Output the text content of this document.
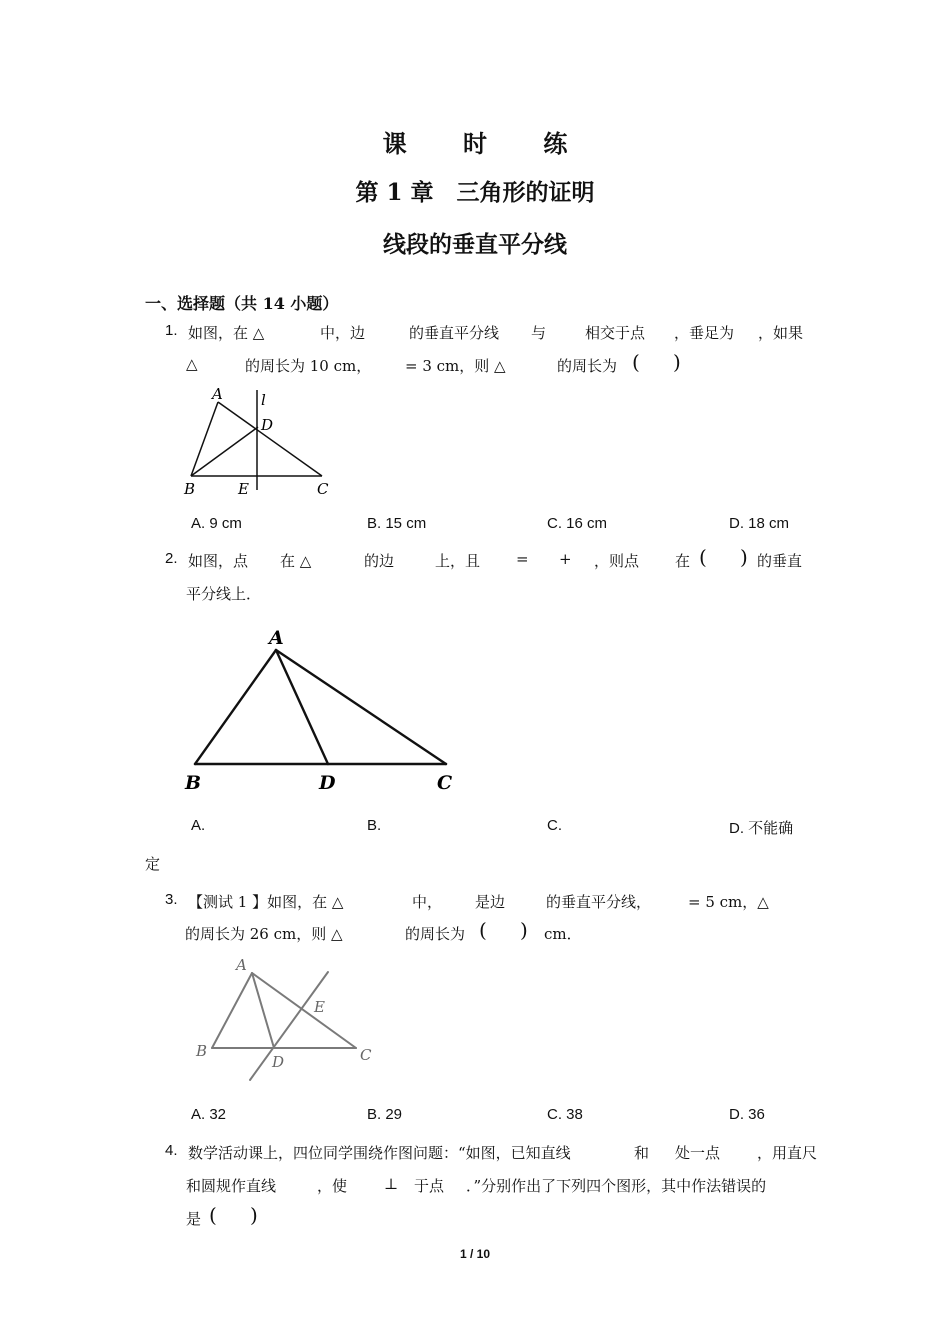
课 时 练
第 1 章　三角形的证明
线段的垂直平分线
一、选择题（共 14 小题）
1. 如图，在 △	中，边	的垂直平分线 与	相交于点 ，垂足为 ，如果
△	的周长为 10 cm， = 3 cm，则 △	的周长为 ( )
A	l
D
B	E	C
A. 9 cm	B. 15 cm	C. 16 cm	D. 18 cm
2. 如图，点 在 △	的边	上，且 = + ，则点 在 ( ) 的垂直
平分线上．
A
B	D	C
A.	B.	C.	D. 不能确
定
3. 【测试 1 】如图，在 △	中， 是边	的垂直平分线， = 5 cm，△
的周长为 26 cm，则 △	的周长为 ( ) cm．
A
E
B
D	C
A. 32	B. 29	C. 38	D. 36
4. 数学活动课上，四位同学围绕作图问题：“如图，已知直线	和 处一点 ，用直尺
和圆规作直线	，使 ⊥ 于点 ．”分别作出了下列四个图形，其中作法错误的
是 ( )
1 / 10
